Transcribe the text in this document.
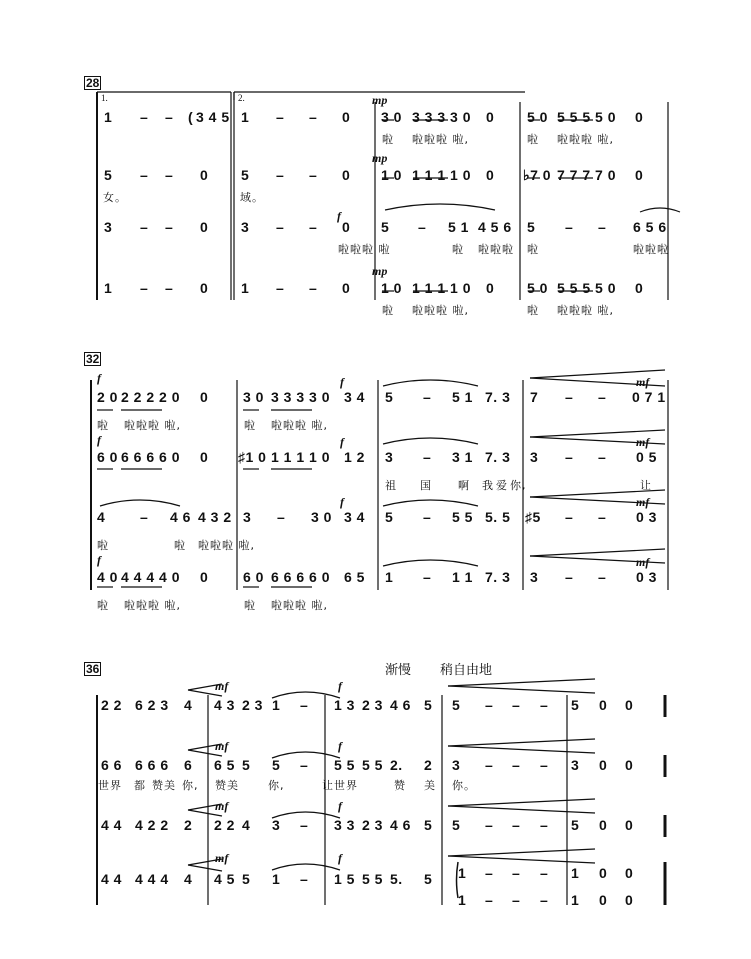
28
1.	2.	mp
1 – – ( 3 4 5 1 – – 0 3 0 3 3 3 3 0 0 5 0 5 5 5 5 0 0
啦 啦啦啦 啦,	啦 啦啦啦 啦,
mp
5 – – 0 5 – – 0 1 0 1 1 1 1 0 0 ♭7 0 7 7 7 7 0 0
女。	域。
f
3 – – 0 3 – – 0 5 – 5 1 4 5 6 5 – – 6 5 6
啦啦啦 啦	啦 啦啦啦 啦	啦啦啦
mp
1 – – 0 1 – – 0 1 0 1 1 1 1 0 0 5 0 5 5 5 5 0 0
啦 啦啦啦 啦,	啦 啦啦啦 啦,
32
f	f	mf
2 0 2 2 2 2 0 0 3 0 3 3 3 3 0 3 4 5 – 5 1 7. 3 7 – – 0 7 1
啦 啦啦啦 啦,	啦 啦啦啦 啦,
f	f	mf
6 0 6 6 6 6 0 0 ♯1 0 1 1 1 1 0 1 2 3 – 3 1 7. 3 3 – – 0 5
祖 国 啊 我 爱 你,	让
f	mf
4 – 4 6 4 3 2 3 – 3 0 3 4 5 – 5 5 5. 5 ♯5 – – 0 3
啦	啦 啦啦啦 啦,
f	mf
4 0 4 4 4 4 0 0 6 0 6 6 6 6 0 6 5 1 – 1 1 7. 3 3 – – 0 3
啦 啦啦啦 啦,	啦 啦啦啦 啦,
36	渐慢 稍自由地
mf	f
2 2 6 2 3 4 4 3 2 3 1 – 1 3 2 3 4 6 5 5 – – – 5 0 0
mf	f
6 6 6 6 6 6 6 5 5 5 – 5 5 5 5 2. 2 3 – – – 3 0 0
世界 都 赞美 你, 赞美	你,	让世界	赞 美 你。
mf	f
4 4 4 2 2 2 2 2 4 3 – 3 3 2 3 4 6 5 5 – – – 5 0 0
mf	f
4 4 4 4 4 4 4 5 5 1 – 1 5 5 5 5. 5 1 – – – 1 0 0
1 – – – 1 0 0
